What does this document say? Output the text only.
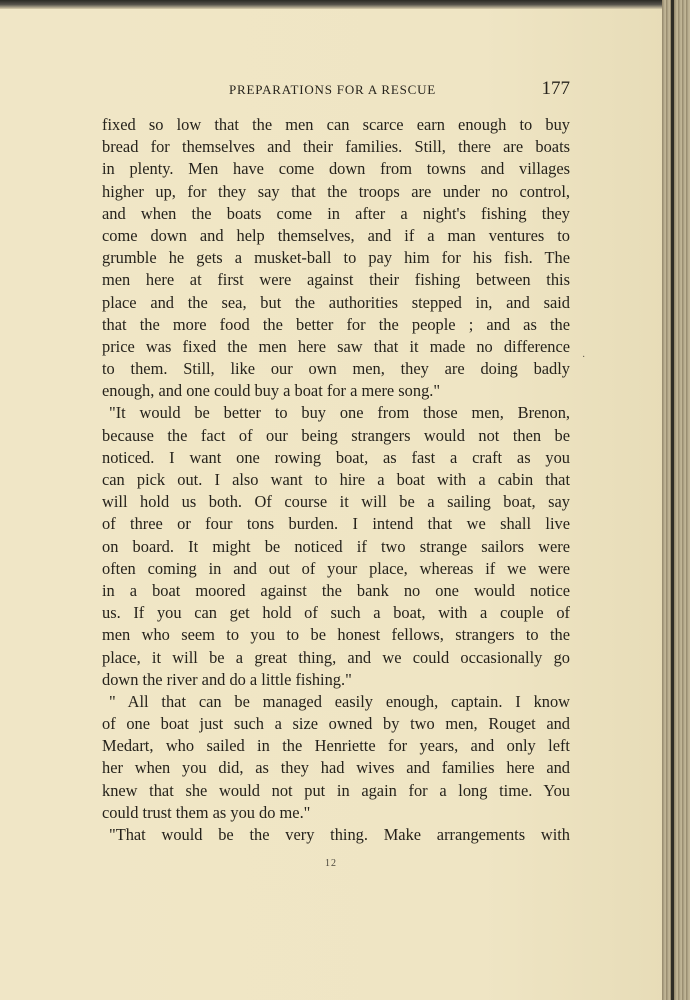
PREPARATIONS FOR A RESCUE	177
fixed so low that the men can scarce earn enough to buy
bread for themselves and their families. Still, there are boats
in plenty. Men have come down from towns and villages
higher up, for they say that the troops are under no control,
and when the boats come in after a night's fishing they
come down and help themselves, and if a man ventures to
grumble he gets a musket-ball to pay him for his fish. The
men here at first were against their fishing between this
place and the sea, but the authorities stepped in, and said
that the more food the better for the people ; and as the
price was fixed the men here saw that it made no difference
to them. Still, like our own men, they are doing badly
enough, and one could buy a boat for a mere song."
"It would be better to buy one from those men, Brenon,
because the fact of our being strangers would not then be
noticed. I want one rowing boat, as fast a craft as you
can pick out. I also want to hire a boat with a cabin that
will hold us both. Of course it will be a sailing boat, say
of three or four tons burden. I intend that we shall live
on board. It might be noticed if two strange sailors were
often coming in and out of your place, whereas if we were
in a boat moored against the bank no one would notice
us. If you can get hold of such a boat, with a couple of
men who seem to you to be honest fellows, strangers to the
place, it will be a great thing, and we could occasionally go
down the river and do a little fishing."
" All that can be managed easily enough, captain. I know
of one boat just such a size owned by two men, Rouget and
Medart, who sailed in the Henriette for years, and only left
her when you did, as they had wives and families here and
knew that she would not put in again for a long time. You
could trust them as you do me."
"That would be the very thing. Make arrangements with
12
·
